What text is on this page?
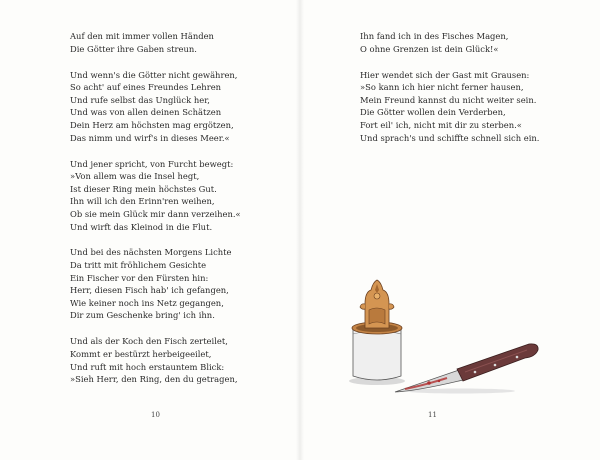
Auf den mit immer vollen Händen
Die Götter ihre Gaben streun.
Und wenn's die Götter nicht gewähren,
So acht' auf eines Freundes Lehren
Und rufe selbst das Unglück her,
Und was von allen deinen Schätzen
Dein Herz am höchsten mag ergötzen,
Das nimm und wirf's in dieses Meer.«
Und jener spricht, von Furcht bewegt:
»Von allem was die Insel hegt,
Ist dieser Ring mein höchstes Gut.
Ihn will ich den Erinn'ren weihen,
Ob sie mein Glück mir dann verzeihen.«
Und wirft das Kleinod in die Flut.
Und bei des nächsten Morgens Lichte
Da tritt mit fröhlichem Gesichte
Ein Fischer vor den Fürsten hin:
Herr, diesen Fisch hab' ich gefangen,
Wie keiner noch ins Netz gegangen,
Dir zum Geschenke bring' ich ihn.
Und als der Koch den Fisch zerteilet,
Kommt er bestürzt herbeigeeilet,
Und ruft mit hoch erstauntem Blick:
»Sieh Herr, den Ring, den du getragen,
Ihn fand ich in des Fisches Magen,
O ohne Grenzen ist dein Glück!«
Hier wendet sich der Gast mit Grausen:
»So kann ich hier nicht ferner hausen,
Mein Freund kannst du nicht weiter sein.
Die Götter wollen dein Verderben,
Fort eil' ich, nicht mit dir zu sterben.«
Und sprach's und schiffte schnell sich ein.
10	11
